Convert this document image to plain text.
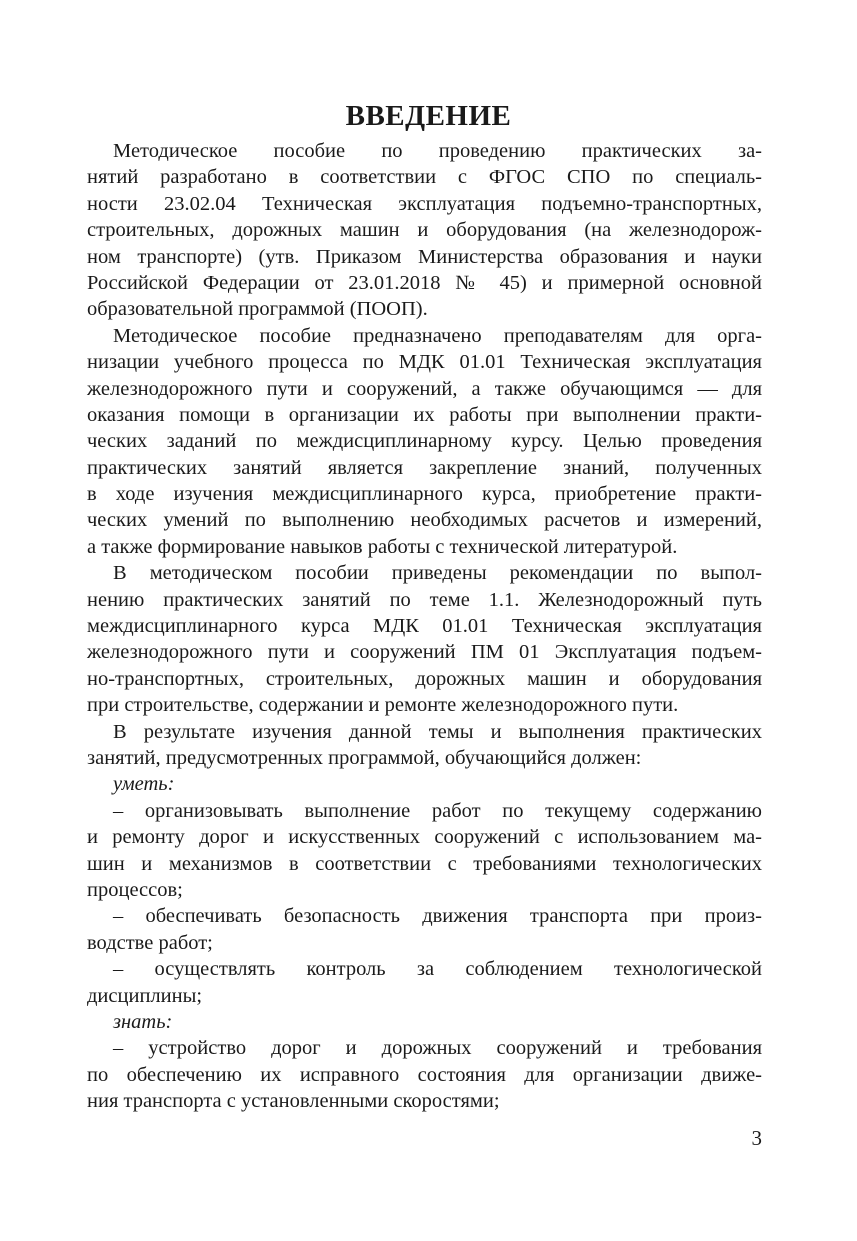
ВВЕДЕНИЕ
Методическое пособие по проведению практических за-
нятий разработано в соответствии с ФГОС СПО по специаль-
ности 23.02.04 Техническая эксплуатация подъемно-транспортных,
строительных, дорожных машин и оборудования (на железнодорож-
ном транспорте) (утв. Приказом Министерства образования и науки
Российской Федерации от 23.01.2018 № 45) и примерной основной
образовательной программой (ПООП).
Методическое пособие предназначено преподавателям для орга-
низации учебного процесса по МДК 01.01 Техническая эксплуатация
железнодорожного пути и сооружений, а также обучающимся — для
оказания помощи в организации их работы при выполнении практи-
ческих заданий по междисциплинарному курсу. Целью проведения
практических занятий является закрепление знаний, полученных
в ходе изучения междисциплинарного курса, приобретение практи-
ческих умений по выполнению необходимых расчетов и измерений,
а также формирование навыков работы с технической литературой.
В методическом пособии приведены рекомендации по выпол-
нению практических занятий по теме 1.1. Железнодорожный путь
междисциплинарного курса МДК 01.01 Техническая эксплуатация
железнодорожного пути и сооружений ПМ 01 Эксплуатация подъем-
но-транспортных, строительных, дорожных машин и оборудования
при строительстве, содержании и ремонте железнодорожного пути.
В результате изучения данной темы и выполнения практических
занятий, предусмотренных программой, обучающийся должен:
уметь:
– организовывать выполнение работ по текущему содержанию
и ремонту дорог и искусственных сооружений с использованием ма-
шин и механизмов в соответствии с требованиями технологических
процессов;
– обеспечивать безопасность движения транспорта при произ-
водстве работ;
– осуществлять контроль за соблюдением технологической
дисциплины;
знать:
– устройство дорог и дорожных сооружений и требования
по обеспечению их исправного состояния для организации движе-
ния транспорта с установленными скоростями;
3
